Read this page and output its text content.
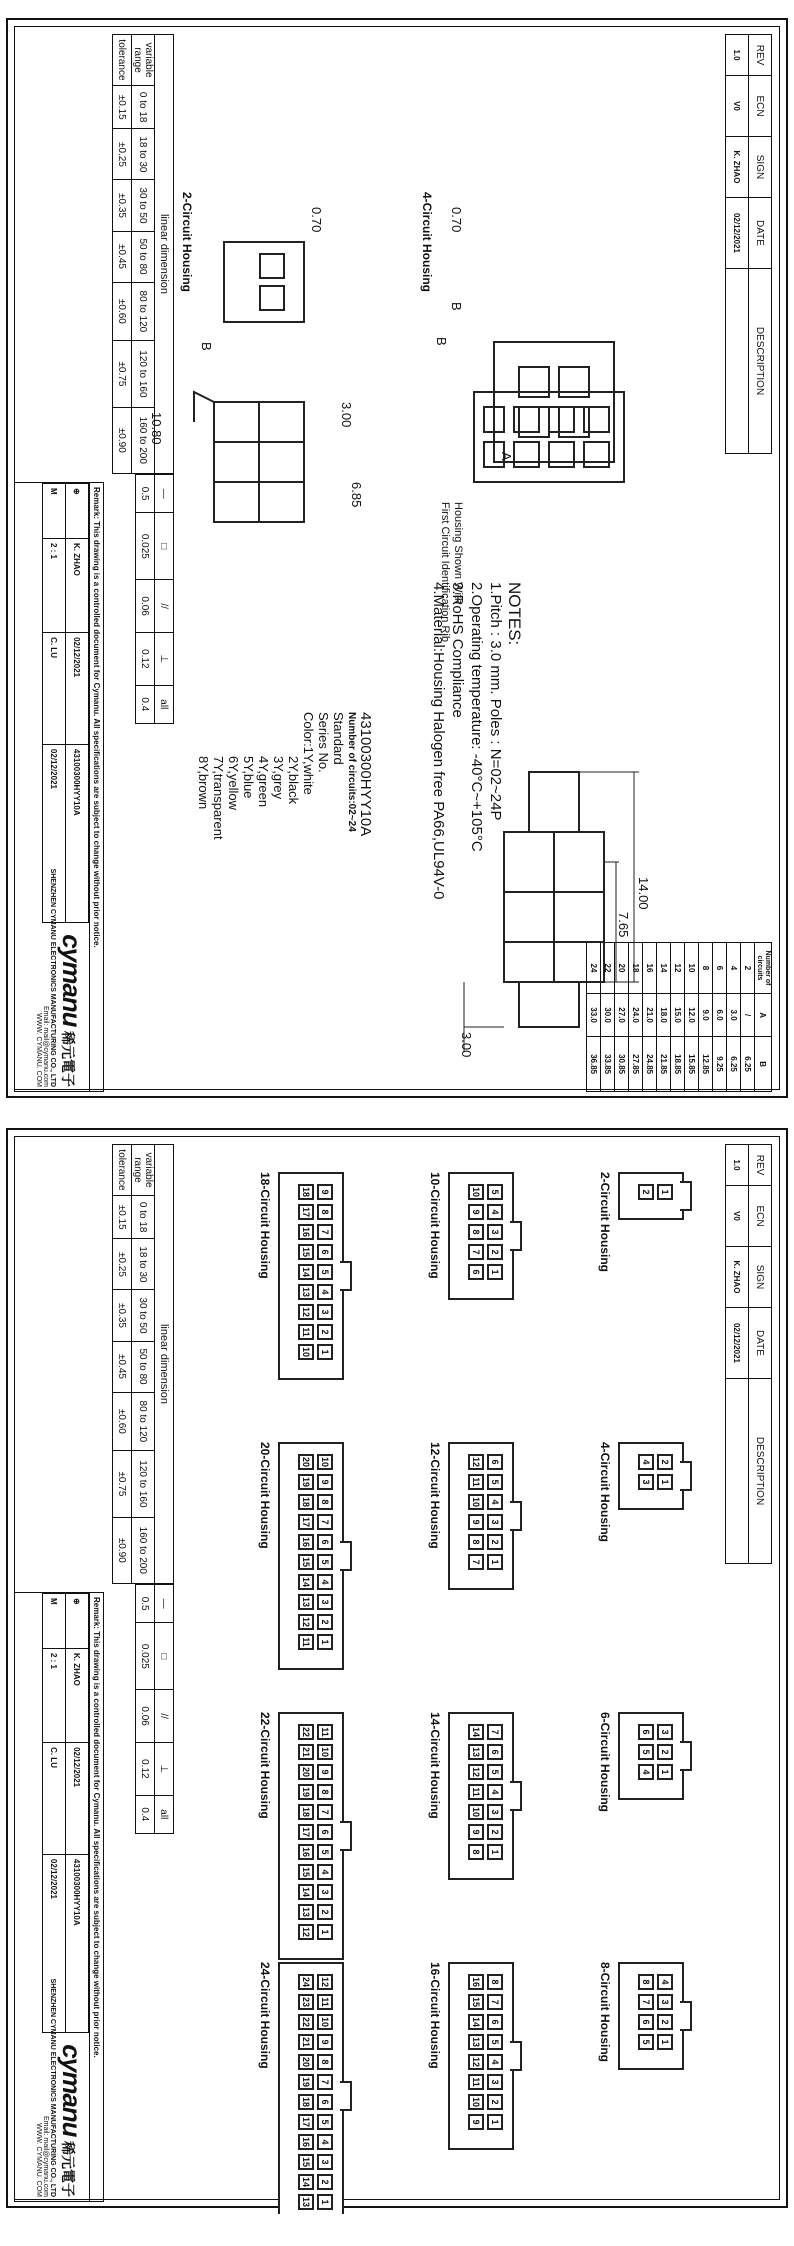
REV	ECN	SIGN	DATE	DESCRIPTION
1.0	V0	K. ZHAO	02/12/2021	
Number of circuits	A	B
2	/	6.25
4	3.0	6.25
6	6.0	9.25
8	9.0	12.85
10	12.0	15.85
12	15.0	18.85
14	18.0	21.85
16	21.0	24.85
18	24.0	27.85
20	27.0	30.85
22	30.0	33.85
24	33.0	36.85
14.00
7.65
3.00
A
B
B
3.00
6.85
10.80
0.70	0.70
B
2-Circuit Housing	4-Circuit Housing
Housing Shown With
First Circuit Identification Rib	NOTES:
1.Pitch : 3.0 mm. Poles : N=02~24P
2.Operating temperature: -40°C~+105°C
3.RoHS Compliance
4.Material:Housing Halogen free PA66,UL94V-0
43100300HYY10A
Number of circuits:02~24
Standard
Series No.
Color:1Y,white
2Y,black
3Y,grey
4Y,green
5Y,blue
6Y,yellow
7Y,transparent
8Y,brown
linear dimension							
variable range	0 to 18	18 to 30	30 to 50	50 to 80	80 to 120	120 to 160	160 to 200
tolerance	±0.15	±0.25	±0.35	±0.45	±0.60	±0.75	±0.90
—	□	//	⊥	all
0.5	0.025	0.06	0.12	0.4
Remark: This drawing is a controlled document for Cymanu. All specifications are subject to change without prior notice.
⊕	K. ZHAO	02/12/2021	43100300HYY10A
M	2 : 1	C. LU	02/12/2021
cymanu 稀元電子
SHENZHEN CYMANU ELECTRONICS MANUFACTURING CO., LTD
Email: mail@cymanu.com
WWW. CYMANU. COM
REV	ECN	SIGN	DATE	DESCRIPTION
1.0	V0	K. ZHAO	02/12/2021	
1
2
2-Circuit Housing
2
1
4
3
4-Circuit Housing
3
2
1
6
5
4
6-Circuit Housing
4
3
2
1
8
7
6
5
8-Circuit Housing
5
4
3
2
1
10
9
8
7
6
10-Circuit Housing
6
5
4
3
2
1
12
11
10
9
8
7
12-Circuit Housing
7
6
5
4
3
2
1
14
13
12
11
10
9
8
14-Circuit Housing
8
7
6
5
4
3
2
1
16
15
14
13
12
11
10
9
16-Circuit Housing
9
8
7
6
5
4
3
2
1
18
17
16
15
14
13
12
11
10
18-Circuit Housing
10
9
8
7
6
5
4
3
2
1
20
19
18
17
16
15
14
13
12
11
20-Circuit Housing
11
10
9
8
7
6
5
4
3
2
1
22
21
20
19
18
17
16
15
14
13
12
22-Circuit Housing
12
11
10
9
8
7
6
5
4
3
2
1
24
23
22
21
20
19
18
17
16
15
14
13
24-Circuit Housing
linear dimension							
variable range	0 to 18	18 to 30	30 to 50	50 to 80	80 to 120	120 to 160	160 to 200
tolerance	±0.15	±0.25	±0.35	±0.45	±0.60	±0.75	±0.90
—	□	//	⊥	all
0.5	0.025	0.06	0.12	0.4
Remark: This drawing is a controlled document for Cymanu. All specifications are subject to change without prior notice.
⊕	K. ZHAO	02/12/2021	43100300HYY10A
M	2 : 1	C. LU	02/12/2021
cymanu 稀元電子
SHENZHEN CYMANU ELECTRONICS MANUFACTURING CO., LTD
Email: mail@cymanu.com
WWW. CYMANU. COM
